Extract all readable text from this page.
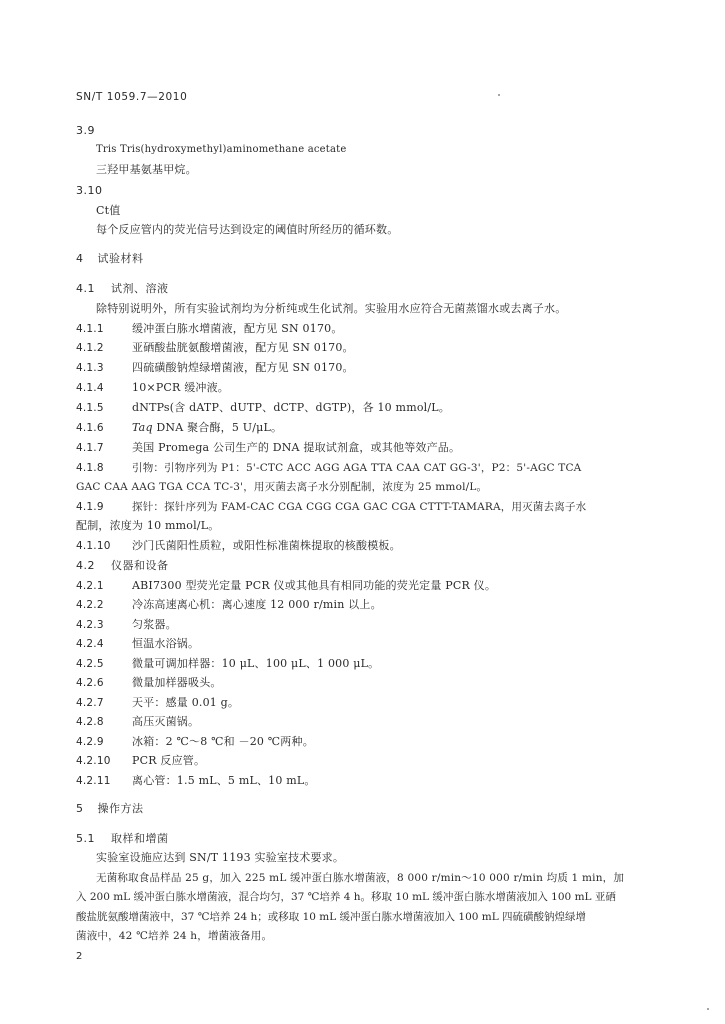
SN/T 1059.7—2010
3.9
Tris Tris(hydroxymethyl)aminomethane acetate
三羟甲基氨基甲烷。
3.10
Ct值
每个反应管内的荧光信号达到设定的阈值时所经历的循环数。
4 试验材料
4.1 试剂、溶液
除特别说明外，所有实验试剂均为分析纯或生化试剂。实验用水应符合无菌蒸馏水或去离子水。
4.1.1	缓冲蛋白胨水增菌液，配方见 SN 0170。
4.1.2	亚硒酸盐胱氨酸增菌液，配方见 SN 0170。
4.1.3	四硫磺酸钠煌绿增菌液，配方见 SN 0170。
4.1.4	10×PCR 缓冲液。
4.1.5	dNTPs(含 dATP、dUTP、dCTP、dGTP)，各 10 mmol/L。
4.1.6	Taq DNA 聚合酶，5 U/μL。
4.1.7	美国 Promega 公司生产的 DNA 提取试剂盒，或其他等效产品。
4.1.8	引物：引物序列为 P1：5'-CTC ACC AGG AGA TTA CAA CAT GG-3'，P2：5'-AGC TCA
GAC CAA AAG TGA CCA TC-3'，用灭菌去离子水分别配制，浓度为 25 mmol/L。
4.1.9	探针：探针序列为 FAM-CAC CGA CGG CGA GAC CGA CTTT-TAMARA，用灭菌去离子水
配制，浓度为 10 mmol/L。
4.1.10 沙门氏菌阳性质粒，或阳性标准菌株提取的核酸模板。
4.2 仪器和设备
4.2.1	ABI7300 型荧光定量 PCR 仪或其他具有相同功能的荧光定量 PCR 仪。
4.2.2	冷冻高速离心机：离心速度 12 000 r/min 以上。
4.2.3	匀浆器。
4.2.4	恒温水浴锅。
4.2.5	微量可调加样器：10 μL、100 μL、1 000 μL。
4.2.6	微量加样器吸头。
4.2.7	天平：感量 0.01 g。
4.2.8	高压灭菌锅。
4.2.9	冰箱：2 ℃～8 ℃和 －20 ℃两种。
4.2.10 PCR 反应管。
4.2.11 离心管：1.5 mL、5 mL、10 mL。
5 操作方法
5.1 取样和增菌
实验室设施应达到 SN/T 1193 实验室技术要求。
无菌称取食品样品 25 g，加入 225 mL 缓冲蛋白胨水增菌液，8 000 r/min～10 000 r/min 均质 1 min，加
入 200 mL 缓冲蛋白胨水增菌液，混合均匀，37 ℃培养 4 h。移取 10 mL 缓冲蛋白胨水增菌液加入 100 mL 亚硒
酸盐胱氨酸增菌液中，37 ℃培养 24 h；或移取 10 mL 缓冲蛋白胨水增菌液加入 100 mL 四硫磺酸钠煌绿增
菌液中，42 ℃培养 24 h，增菌液备用。
2
